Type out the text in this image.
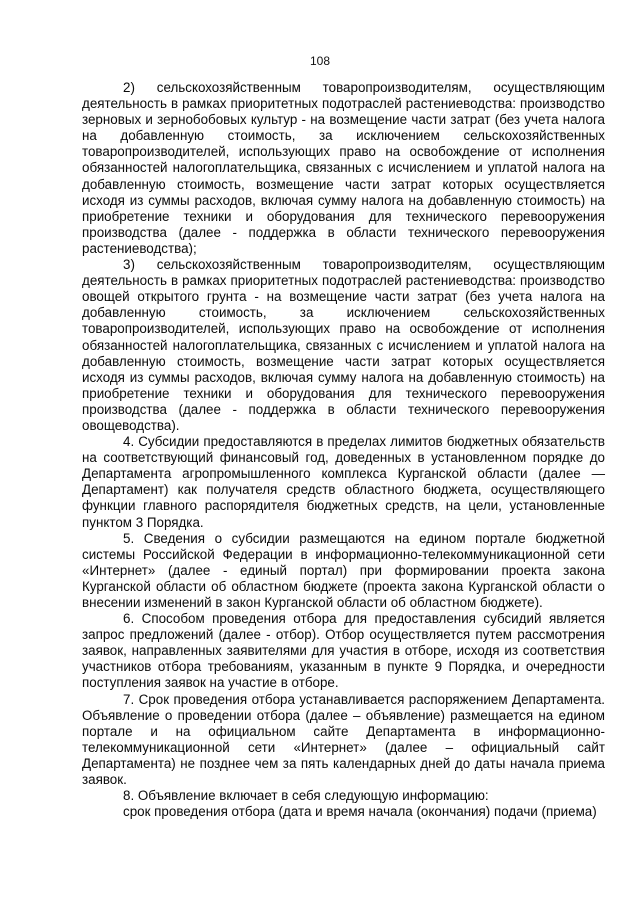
108

2) сельскохозяйственным товаропроизводителям, осуществляющим деятельность в рамках приоритетных подотраслей растениеводства: производство зерновых и зернобобовых культур - на возмещение части затрат (без учета налога на добавленную стоимость, за исключением сельскохозяйственных товаропроизводителей, использующих право на освобождение от исполнения обязанностей налогоплательщика, связанных с исчислением и уплатой налога на добавленную стоимость, возмещение части затрат которых осуществляется исходя из суммы расходов, включая сумму налога на добавленную стоимость) на приобретение техники и оборудования для технического перевооружения производства (далее - поддержка в области технического перевооружения растениеводства);

3) сельскохозяйственным товаропроизводителям, осуществляющим деятельность в рамках приоритетных подотраслей растениеводства: производство овощей открытого грунта - на возмещение части затрат (без учета налога на добавленную стоимость, за исключением сельскохозяйственных товаропроизводителей, использующих право на освобождение от исполнения обязанностей налогоплательщика, связанных с исчислением и уплатой налога на добавленную стоимость, возмещение части затрат которых осуществляется исходя из суммы расходов, включая сумму налога на добавленную стоимость) на приобретение техники и оборудования для технического перевооружения производства (далее - поддержка в области технического перевооружения овощеводства).

4. Субсидии предоставляются в пределах лимитов бюджетных обязательств на соответствующий финансовый год, доведенных в установленном порядке до Департамента агропромышленного комплекса Курганской области (далее — Департамент) как получателя средств областного бюджета, осуществляющего функции главного распорядителя бюджетных средств, на цели, установленные пунктом 3 Порядка.

5. Сведения о субсидии размещаются на едином портале бюджетной системы Российской Федерации в информационно-телекоммуникационной сети «Интернет» (далее - единый портал) при формировании проекта закона Курганской области об областном бюджете (проекта закона Курганской области о внесении изменений в закон Курганской области об областном бюджете).

6. Способом проведения отбора для предоставления субсидий является запрос предложений (далее - отбор). Отбор осуществляется путем рассмотрения заявок, направленных заявителями для участия в отборе, исходя из соответствия участников отбора требованиям, указанным в пункте 9 Порядка, и очередности поступления заявок на участие в отборе.

7. Срок проведения отбора устанавливается распоряжением Департамента. Объявление о проведении отбора (далее – объявление) размещается на едином портале и на официальном сайте Департамента в информационно-телекоммуникационной сети «Интернет» (далее – официальный сайт Департамента) не позднее чем за пять календарных дней до даты начала приема заявок.

8. Объявление включает в себя следующую информацию:

срок проведения отбора (дата и время начала (окончания) подачи (приема)
